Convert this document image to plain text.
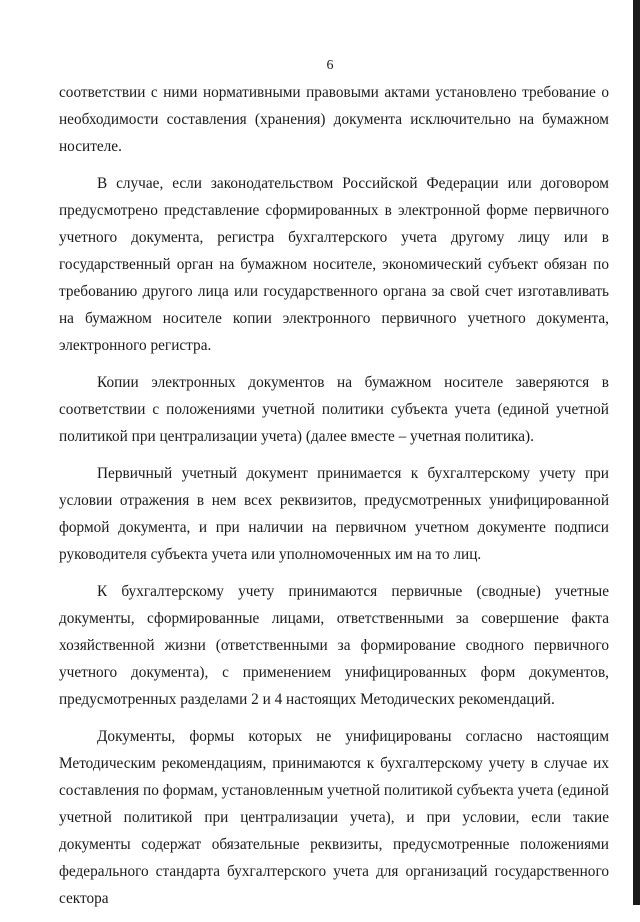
6

соответствии с ними нормативными правовыми актами установлено требование о необходимости составления (хранения) документа исключительно на бумажном носителе.

В случае, если законодательством Российской Федерации или договором предусмотрено представление сформированных в электронной форме первичного учетного документа, регистра бухгалтерского учета другому лицу или в государственный орган на бумажном носителе, экономический субъект обязан по требованию другого лица или государственного органа за свой счет изготавливать на бумажном носителе копии электронного первичного учетного документа, электронного регистра.

Копии электронных документов на бумажном носителе заверяются в соответствии с положениями учетной политики субъекта учета (единой учетной политикой при централизации учета) (далее вместе – учетная политика).

Первичный учетный документ принимается к бухгалтерскому учету при условии отражения в нем всех реквизитов, предусмотренных унифицированной формой документа, и при наличии на первичном учетном документе подписи руководителя субъекта учета или уполномоченных им на то лиц.

К бухгалтерскому учету принимаются первичные (сводные) учетные документы, сформированные лицами, ответственными за совершение факта хозяйственной жизни (ответственными за формирование сводного первичного учетного документа), с применением унифицированных форм документов, предусмотренных разделами 2 и 4 настоящих Методических рекомендаций.

Документы, формы которых не унифицированы согласно настоящим Методическим рекомендациям, принимаются к бухгалтерскому учету в случае их составления по формам, установленным учетной политикой субъекта учета (единой учетной политикой при централизации учета), и при условии, если такие документы содержат обязательные реквизиты, предусмотренные положениями федерального стандарта бухгалтерского учета для организаций государственного сектора
